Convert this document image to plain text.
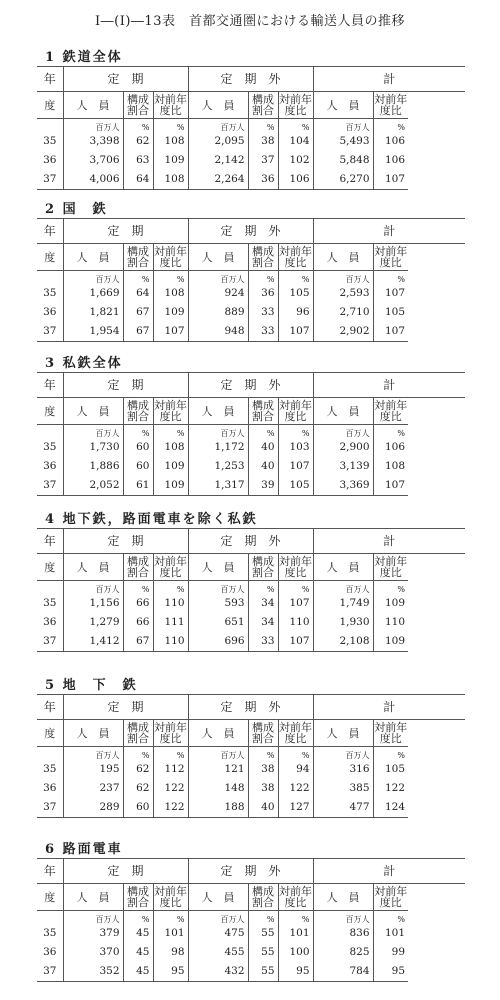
Ⅰ―(Ⅰ)―13表　首都交通圏における輸送人員の推移
1 鉄道全体
年	定　期			定　期　外			計	
度	人　員	構成割合	対前年度比	人　員	構成割合	対前年度比	人　員	対前年度比
	百万人	%	%	百万人	%	%	百万人	%
35	3,398	62	108	2,095	38	104	5,493	106
36	3,706	63	109	2,142	37	102	5,848	106
37	4,006	64	108	2,264	36	106	6,270	107
2 国　鉄
年	定　期			定　期　外			計	
度	人　員	構成割合	対前年度比	人　員	構成割合	対前年度比	人　員	対前年度比
	百万人	%	%	百万人	%	%	百万人	%
35	1,669	64	108	924	36	105	2,593	107
36	1,821	67	109	889	33	96	2,710	105
37	1,954	67	107	948	33	107	2,902	107
3 私鉄全体
年	定　期			定　期　外			計	
度	人　員	構成割合	対前年度比	人　員	構成割合	対前年度比	人　員	対前年度比
	百万人	%	%	百万人	%	%	百万人	%
35	1,730	60	108	1,172	40	103	2,900	106
36	1,886	60	109	1,253	40	107	3,139	108
37	2,052	61	109	1,317	39	105	3,369	107
4 地下鉄，路面電車を除く私鉄
年	定　期			定　期　外			計	
度	人　員	構成割合	対前年度比	人　員	構成割合	対前年度比	人　員	対前年度比
	百万人	%	%	百万人	%	%	百万人	%
35	1,156	66	110	593	34	107	1,749	109
36	1,279	66	111	651	34	110	1,930	110
37	1,412	67	110	696	33	107	2,108	109
5 地　下　鉄
年	定　期			定　期　外			計	
度	人　員	構成割合	対前年度比	人　員	構成割合	対前年度比	人　員	対前年度比
	百万人	%	%	百万人	%	%	百万人	%
35	195	62	112	121	38	94	316	105
36	237	62	122	148	38	122	385	122
37	289	60	122	188	40	127	477	124
6 路面電車
年	定　期			定　期　外			計	
度	人　員	構成割合	対前年度比	人　員	構成割合	対前年度比	人　員	対前年度比
	百万人	%	%	百万人	%	%	百万人	%
35	379	45	101	475	55	101	836	101
36	370	45	98	455	55	100	825	99
37	352	45	95	432	55	95	784	95
